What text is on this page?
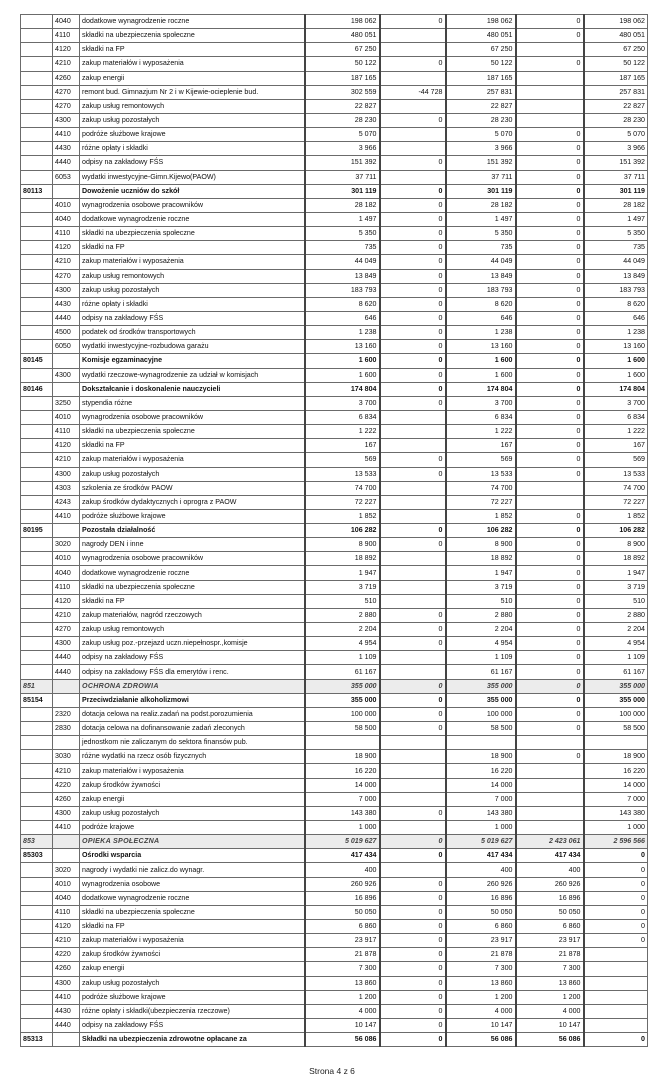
	4040	dodatkowe wynagrodzenie roczne	198 062	0	198 062	0	198 062
	4110	składki na ubezpieczenia społeczne	480 051		480 051	0	480 051
	4120	składki na FP	67 250		67 250		67 250
	4210	zakup materiałów i wyposażenia	50 122	0	50 122	0	50 122
	4260	zakup energii	187 165		187 165		187 165
	4270	remont bud. Gimnazjum Nr 2 i w Kijewie-ocieplenie bud.	302 559	-44 728	257 831		257 831
	4270	zakup usług remontowych	22 827		22 827		22 827
	4300	zakup usług pozostałych	28 230	0	28 230		28 230
	4410	podróże służbowe krajowe	5 070		5 070	0	5 070
	4430	różne opłaty i składki	3 966		3 966	0	3 966
	4440	odpisy na zakładowy FŚS	151 392	0	151 392	0	151 392
	6053	wydatki inwestycyjne-Gimn.Kijewo(PAOW)	37 711		37 711	0	37 711
80113		Dowożenie uczniów do szkół	301 119	0	301 119	0	301 119
	4010	wynagrodzenia osobowe pracowników	28 182	0	28 182	0	28 182
	4040	dodatkowe wynagrodzenie roczne	1 497	0	1 497	0	1 497
	4110	składki na ubezpieczenia społeczne	5 350	0	5 350	0	5 350
	4120	składki na FP	735	0	735	0	735
	4210	zakup materiałów i wyposażenia	44 049	0	44 049	0	44 049
	4270	zakup usług remontowych	13 849	0	13 849	0	13 849
	4300	zakup usług pozostałych	183 793	0	183 793	0	183 793
	4430	różne opłaty i składki	8 620	0	8 620	0	8 620
	4440	odpisy na zakładowy FŚS	646	0	646	0	646
	4500	podatek od środków transportowych	1 238	0	1 238	0	1 238
	6050	wydatki inwestycyjne-rozbudowa garażu	13 160	0	13 160	0	13 160
80145		Komisje egzaminacyjne	1 600	0	1 600	0	1 600
	4300	wydatki rzeczowe-wynagrodzenie za udział w komisjach	1 600	0	1 600	0	1 600
80146		Dokształcanie i doskonalenie nauczycieli	174 804	0	174 804	0	174 804
	3250	stypendia różne	3 700	0	3 700	0	3 700
	4010	wynagrodzenia osobowe pracowników	6 834		6 834	0	6 834
	4110	składki na ubezpieczenia społeczne	1 222		1 222	0	1 222
	4120	składki na FP	167		167	0	167
	4210	zakup materiałów i wyposażenia	569	0	569	0	569
	4300	zakup usług pozostałych	13 533	0	13 533	0	13 533
	4303	szkolenia ze środków PAOW	74 700		74 700		74 700
	4243	zakup środków dydaktycznych i oprogra z PAOW	72 227		72 227		72 227
	4410	podróże służbowe krajowe	1 852		1 852	0	1 852
80195		Pozostała działalność	106 282	0	106 282	0	106 282
	3020	nagrody DEN i inne	8 900	0	8 900	0	8 900
	4010	wynagrodzenia osobowe pracowników	18 892		18 892	0	18 892
	4040	dodatkowe wynagrodzenie roczne	1 947		1 947	0	1 947
	4110	składki na ubezpieczenia społeczne	3 719		3 719	0	3 719
	4120	składki na FP	510		510	0	510
	4210	zakup materiałów, nagród rzeczowych	2 880	0	2 880	0	2 880
	4270	zakup usług remontowych	2 204	0	2 204	0	2 204
	4300	zakup usług poz.-przejazd uczn.niepełnospr.,komisje	4 954	0	4 954	0	4 954
	4440	odpisy na zakładowy FŚS	1 109		1 109	0	1 109
	4440	odpisy na zakładowy FŚS dla emerytów i renc.	61 167		61 167	0	61 167
851		OCHRONA ZDROWIA	355 000	0	355 000	0	355 000
85154		Przeciwdziałanie alkoholizmowi	355 000	0	355 000	0	355 000
	2320	dotacja celowa na realiz.zadań na podst.porozumienia	100 000	0	100 000	0	100 000
	2830	dotacja celowa na dofinansowanie zadań zleconych	58 500	0	58 500	0	58 500
		jednostkom nie zaliczanym do sektora finansów pub.					
	3030	różne wydatki na rzecz osób fizycznych	18 900		18 900	0	18 900
	4210	zakup materiałów i wyposażenia	16 220		16 220		16 220
	4220	zakup środków żywności	14 000		14 000		14 000
	4260	zakup energii	7 000		7 000		7 000
	4300	zakup usług pozostałych	143 380	0	143 380		143 380
	4410	podróże krajowe	1 000		1 000		1 000
853		OPIEKA SPOŁECZNA	5 019 627	0	5 019 627	2 423 061	2 596 566
85303		Ośrodki wsparcia	417 434	0	417 434	417 434	0
	3020	nagrody i wydatki nie zalicz.do wynagr.	400		400	400	0
	4010	wynagrodzenia osobowe	260 926	0	260 926	260 926	0
	4040	dodatkowe wynagrodzenie roczne	16 896	0	16 896	16 896	0
	4110	składki na ubezpieczenia społeczne	50 050	0	50 050	50 050	0
	4120	składki na FP	6 860	0	6 860	6 860	0
	4210	zakup materiałów i wyposażenia	23 917	0	23 917	23 917	0
	4220	zakup środków żywności	21 878	0	21 878	21 878	
	4260	zakup energii	7 300	0	7 300	7 300	
	4300	zakup usług pozostałych	13 860	0	13 860	13 860	
	4410	podróże służbowe krajowe	1 200	0	1 200	1 200	
	4430	różne opłaty i składki(ubezpieczenia rzeczowe)	4 000	0	4 000	4 000	
	4440	odpisy na zakładowy FŚS	10 147	0	10 147	10 147	
85313		Składki na ubezpieczenia zdrowotne opłacane za	56 086	0	56 086	56 086	0
Strona 4 z 6
